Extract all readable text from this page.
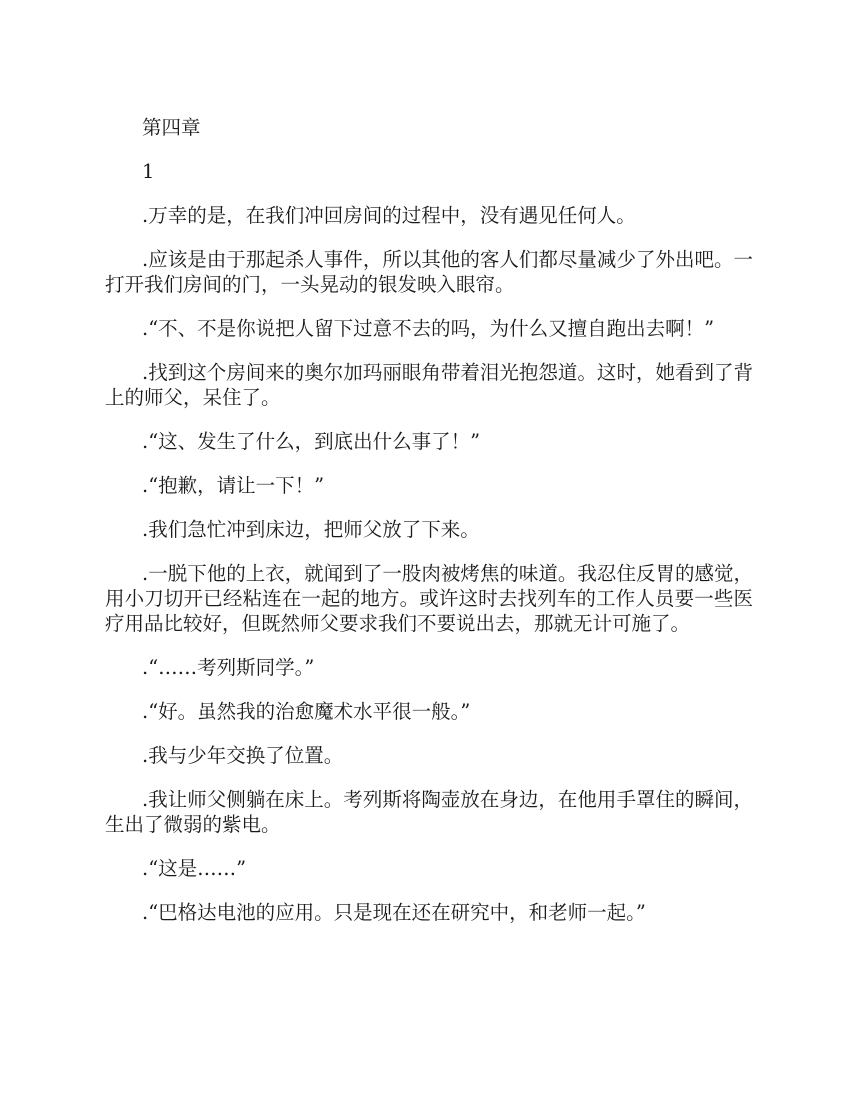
第四章

1

.万幸的是，在我们冲回房间的过程中，没有遇见任何人。

.应该是由于那起杀人事件，所以其他的客人们都尽量减少了外出吧。一打开我们房间的门，一头晃动的银发映入眼帘。

.“不、不是你说把人留下过意不去的吗，为什么又擅自跑出去啊！”

.找到这个房间来的奥尔加玛丽眼角带着泪光抱怨道。这时，她看到了背上的师父，呆住了。

.“这、发生了什么，到底出什么事了！”

.“抱歉，请让一下！”

.我们急忙冲到床边，把师父放了下来。

.一脱下他的上衣，就闻到了一股肉被烤焦的味道。我忍住反胃的感觉，用小刀切开已经粘连在一起的地方。或许这时去找列车的工作人员要一些医疗用品比较好，但既然师父要求我们不要说出去，那就无计可施了。

.“……考列斯同学。”

.“好。虽然我的治愈魔术水平很一般。”

.我与少年交换了位置。

.我让师父侧躺在床上。考列斯将陶壶放在身边，在他用手罩住的瞬间，生出了微弱的紫电。

.“这是……”

.“巴格达电池的应用。只是现在还在研究中，和老师一起。”
